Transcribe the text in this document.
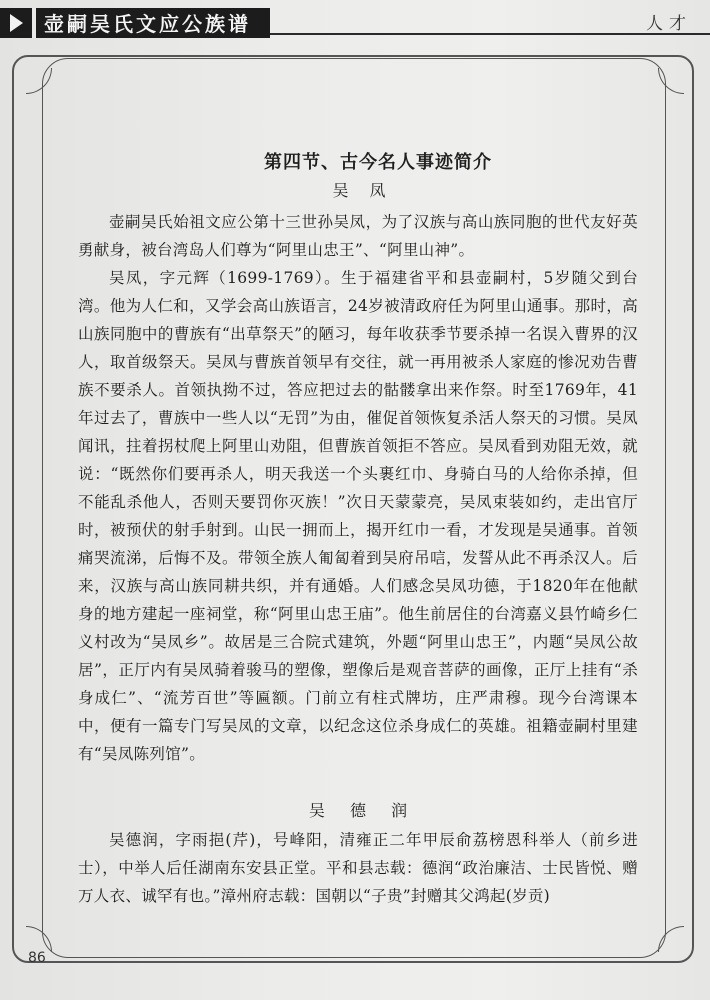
壶嗣吴氏文应公族谱	人才
第四节、古今名人事迹简介
吴 凤

壶嗣吴氏始祖文应公第十三世孙吴凤，为了汉族与高山族同胞的世代友好英勇献身，被台湾岛人们尊为“阿里山忠王”、“阿里山神”。

吴凤，字元辉（1699-1769）。生于福建省平和县壶嗣村，5岁随父到台湾。他为人仁和，又学会高山族语言，24岁被清政府任为阿里山通事。那时，高山族同胞中的曹族有“出草祭天”的陋习，每年收获季节要杀掉一名误入曹界的汉人，取首级祭天。吴凤与曹族首领早有交往，就一再用被杀人家庭的惨况劝告曹族不要杀人。首领执拗不过，答应把过去的骷髅拿出来作祭。时至1769年，41年过去了，曹族中一些人以“无罚”为由，催促首领恢复杀活人祭天的习惯。吴凤闻讯，拄着拐杖爬上阿里山劝阻，但曹族首领拒不答应。吴凤看到劝阻无效，就说：“既然你们要再杀人，明天我送一个头裹红巾、身骑白马的人给你杀掉，但不能乱杀他人，否则天要罚你灭族！”次日天蒙蒙亮，吴凤束装如约，走出官厅时，被预伏的射手射到。山民一拥而上，揭开红巾一看，才发现是吴通事。首领痛哭流涕，后悔不及。带领全族人匍匐着到吴府吊唁，发誓从此不再杀汉人。后来，汉族与高山族同耕共织，并有通婚。人们感念吴凤功德，于1820年在他献身的地方建起一座祠堂，称“阿里山忠王庙”。他生前居住的台湾嘉义县竹崎乡仁义村改为“吴凤乡”。故居是三合院式建筑，外题“阿里山忠王”，内题“吴凤公故居”，正厅内有吴凤骑着骏马的塑像，塑像后是观音菩萨的画像，正厅上挂有“杀身成仁”、“流芳百世”等匾额。门前立有柱式牌坊，庄严肃穆。现今台湾课本中，便有一篇专门写吴凤的文章，以纪念这位杀身成仁的英雄。祖籍壶嗣村里建有“吴凤陈列馆”。

吴 德 润

吴德润，字雨挹(芹)，号峰阳，清雍正二年甲辰俞荔榜恩科举人（前乡进士），中举人后任湖南东安县正堂。平和县志载：德润“政治廉洁、士民皆悦、赠万人衣、诚罕有也。”漳州府志载：国朝以“子贵”封赠其父鸿起(岁贡)

86
